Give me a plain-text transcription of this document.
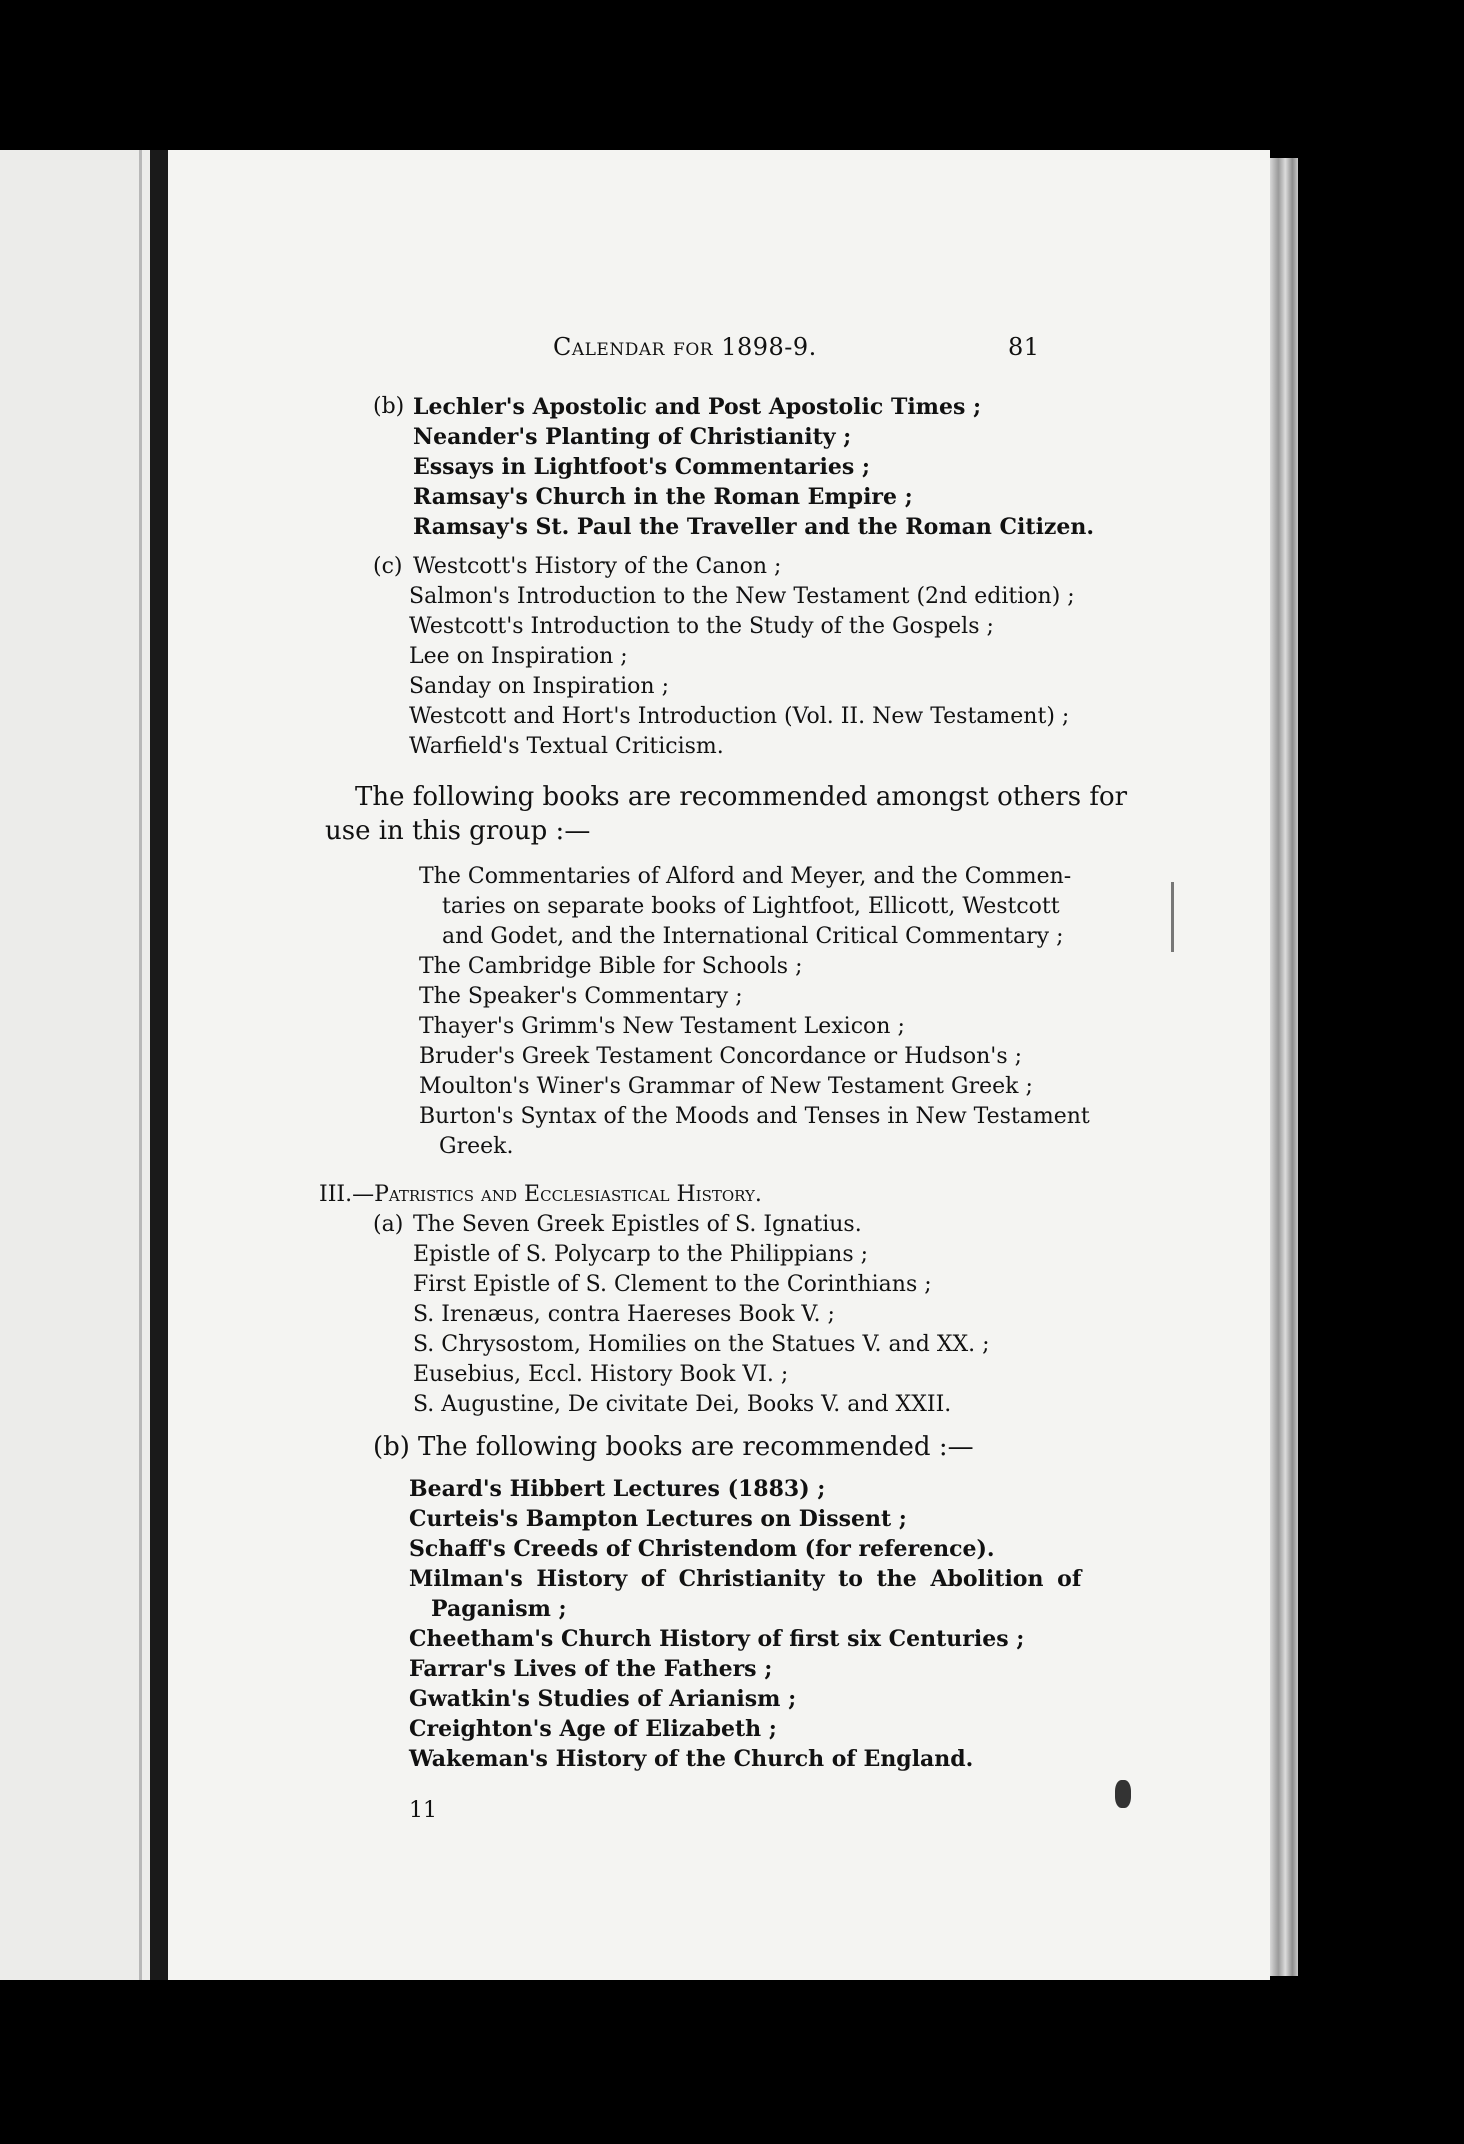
Calendar for 1898-9.	81
(b) Lechler's Apostolic and Post Apostolic Times ;
Neander's Planting of Christianity ;
Essays in Lightfoot's Commentaries ;
Ramsay's Church in the Roman Empire ;
Ramsay's St. Paul the Traveller and the Roman Citizen.
(c) Westcott's History of the Canon ;
Salmon's Introduction to the New Testament (2nd edition) ;
Westcott's Introduction to the Study of the Gospels ;
Lee on Inspiration ;
Sanday on Inspiration ;
Westcott and Hort's Introduction (Vol. II. New Testament) ;
Warfield's Textual Criticism.
The following books are recommended amongst others for
use in this group :—
The Commentaries of Alford and Meyer, and the Commen-
taries on separate books of Lightfoot, Ellicott, Westcott
and Godet, and the International Critical Commentary ;
The Cambridge Bible for Schools ;
The Speaker's Commentary ;
Thayer's Grimm's New Testament Lexicon ;
Bruder's Greek Testament Concordance or Hudson's ;
Moulton's Winer's Grammar of New Testament Greek ;
Burton's Syntax of the Moods and Tenses in New Testament
Greek.
III.—Patristics and Ecclesiastical History.
(a) The Seven Greek Epistles of S. Ignatius.
Epistle of S. Polycarp to the Philippians ;
First Epistle of S. Clement to the Corinthians ;
S. Irenæus, contra Haereses Book V. ;
S. Chrysostom, Homilies on the Statues V. and XX. ;
Eusebius, Eccl. History Book VI. ;
S. Augustine, De civitate Dei, Books V. and XXII.
(b) The following books are recommended :—
Beard's Hibbert Lectures (1883) ;
Curteis's Bampton Lectures on Dissent ;
Schaff's Creeds of Christendom (for reference).
Milman's History of Christianity to the Abolition of
Paganism ;
Cheetham's Church History of first six Centuries ;
Farrar's Lives of the Fathers ;
Gwatkin's Studies of Arianism ;
Creighton's Age of Elizabeth ;
Wakeman's History of the Church of England.
11
